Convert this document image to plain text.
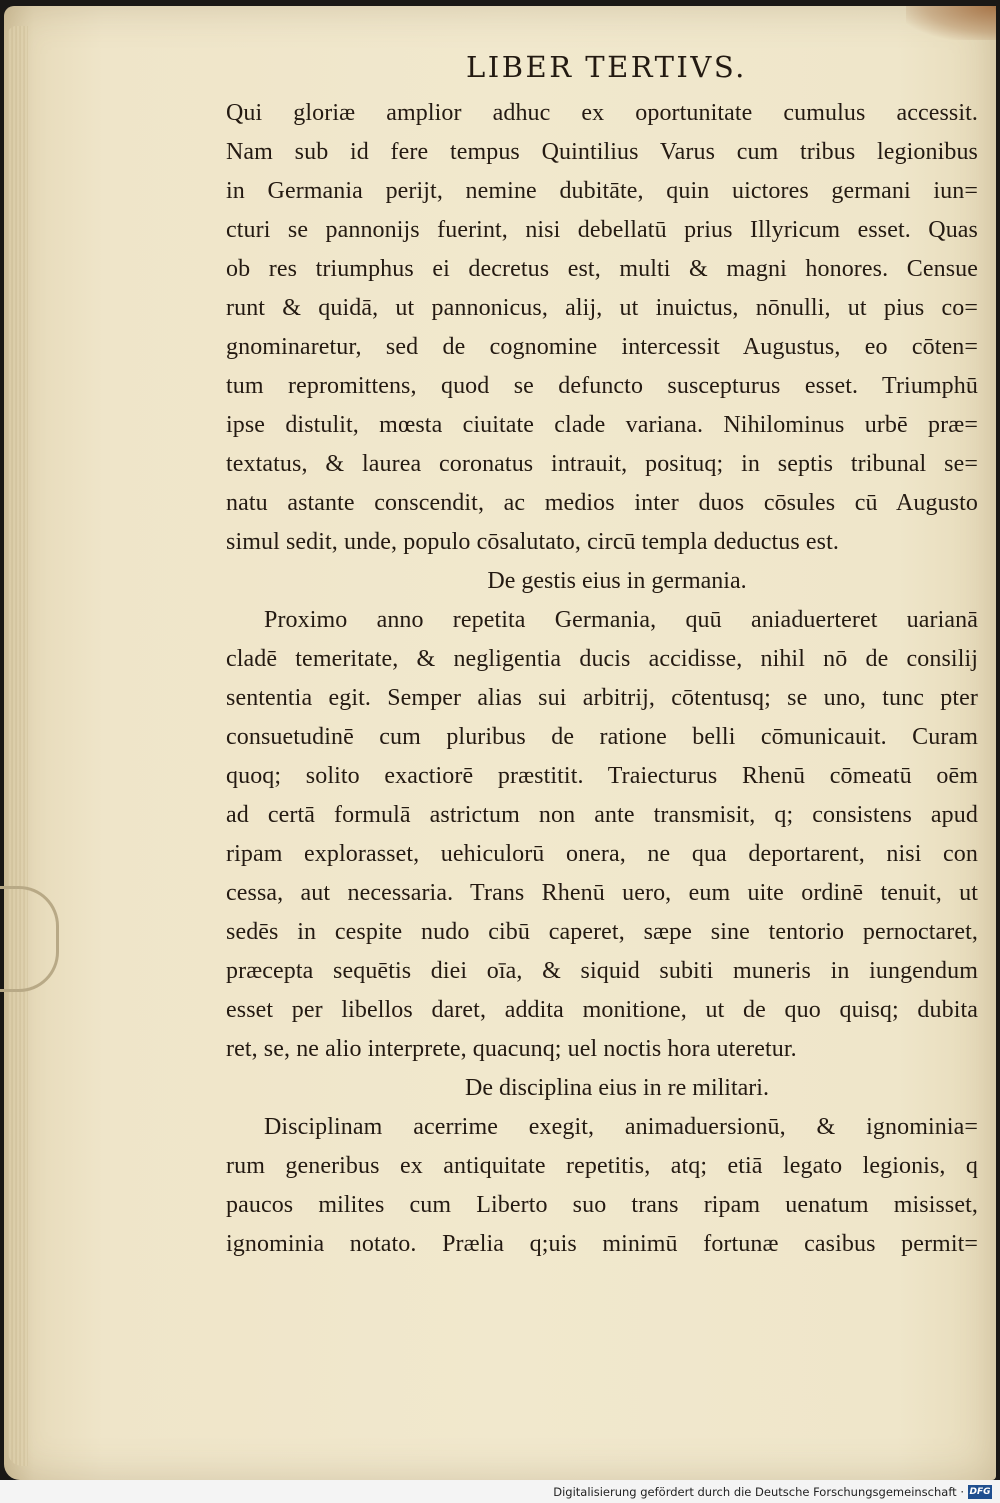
LIBER TERTIVS.
Qui gloriæ amplior adhuc ex oportunitate cumulus accessit.
Nam sub id fere tempus Quintilius Varus cum tribus legionibus
in Germania perijt, nemine dubitāte, quin uictores germani iun=
cturi se pannonijs fuerint, nisi debellatū prius Illyricum esset. Quas
ob res triumphus ei decretus est, multi & magni honores. Censue
runt & quidā, ut pannonicus, alij, ut inuictus, nōnulli, ut pius co=
gnominaretur, sed de cognomine intercessit Augustus, eo cōten=
tum repromittens, quod se defuncto suscepturus esset. Triumphū
ipse distulit, mœsta ciuitate clade variana. Nihilominus urbē præ=
textatus, & laurea coronatus intrauit, posituq; in septis tribunal se=
natu astante conscendit, ac medios inter duos cōsules cū Augusto
simul sedit, unde, populo cōsalutato, circū templa deductus est.
De gestis eius in germania.
Proximo anno repetita Germania, quū aniaduerteret uarianā
cladē temeritate, & negligentia ducis accidisse, nihil nō de consilij
sententia egit. Semper alias sui arbitrij, cōtentusq; se uno, tunc pter
consuetudinē cum pluribus de ratione belli cōmunicauit. Curam
quoq; solito exactiorē præstitit. Traiecturus Rhenū cōmeatū oēm
ad certā formulā astrictum non ante transmisit, q; consistens apud
ripam explorasset, uehiculorū onera, ne qua deportarent, nisi con
cessa, aut necessaria. Trans Rhenū uero, eum uite ordinē tenuit, ut
sedēs in cespite nudo cibū caperet, sæpe sine tentorio pernoctaret,
præcepta sequētis diei oīa, & siquid subiti muneris in iungendum
esset per libellos daret, addita monitione, ut de quo quisq; dubita
ret, se, ne alio interprete, quacunq; uel noctis hora uteretur.
De disciplina eius in re militari.
Disciplinam acerrime exegit, animaduersionū, & ignominia=
rum generibus ex antiquitate repetitis, atq; etiā legato legionis, q
paucos milites cum Liberto suo trans ripam uenatum misisset,
ignominia notato. Prælia q;uis minimū fortunæ casibus permit=
Digitalisierung gefördert durch die Deutsche Forschungsgemeinschaft · DFG
